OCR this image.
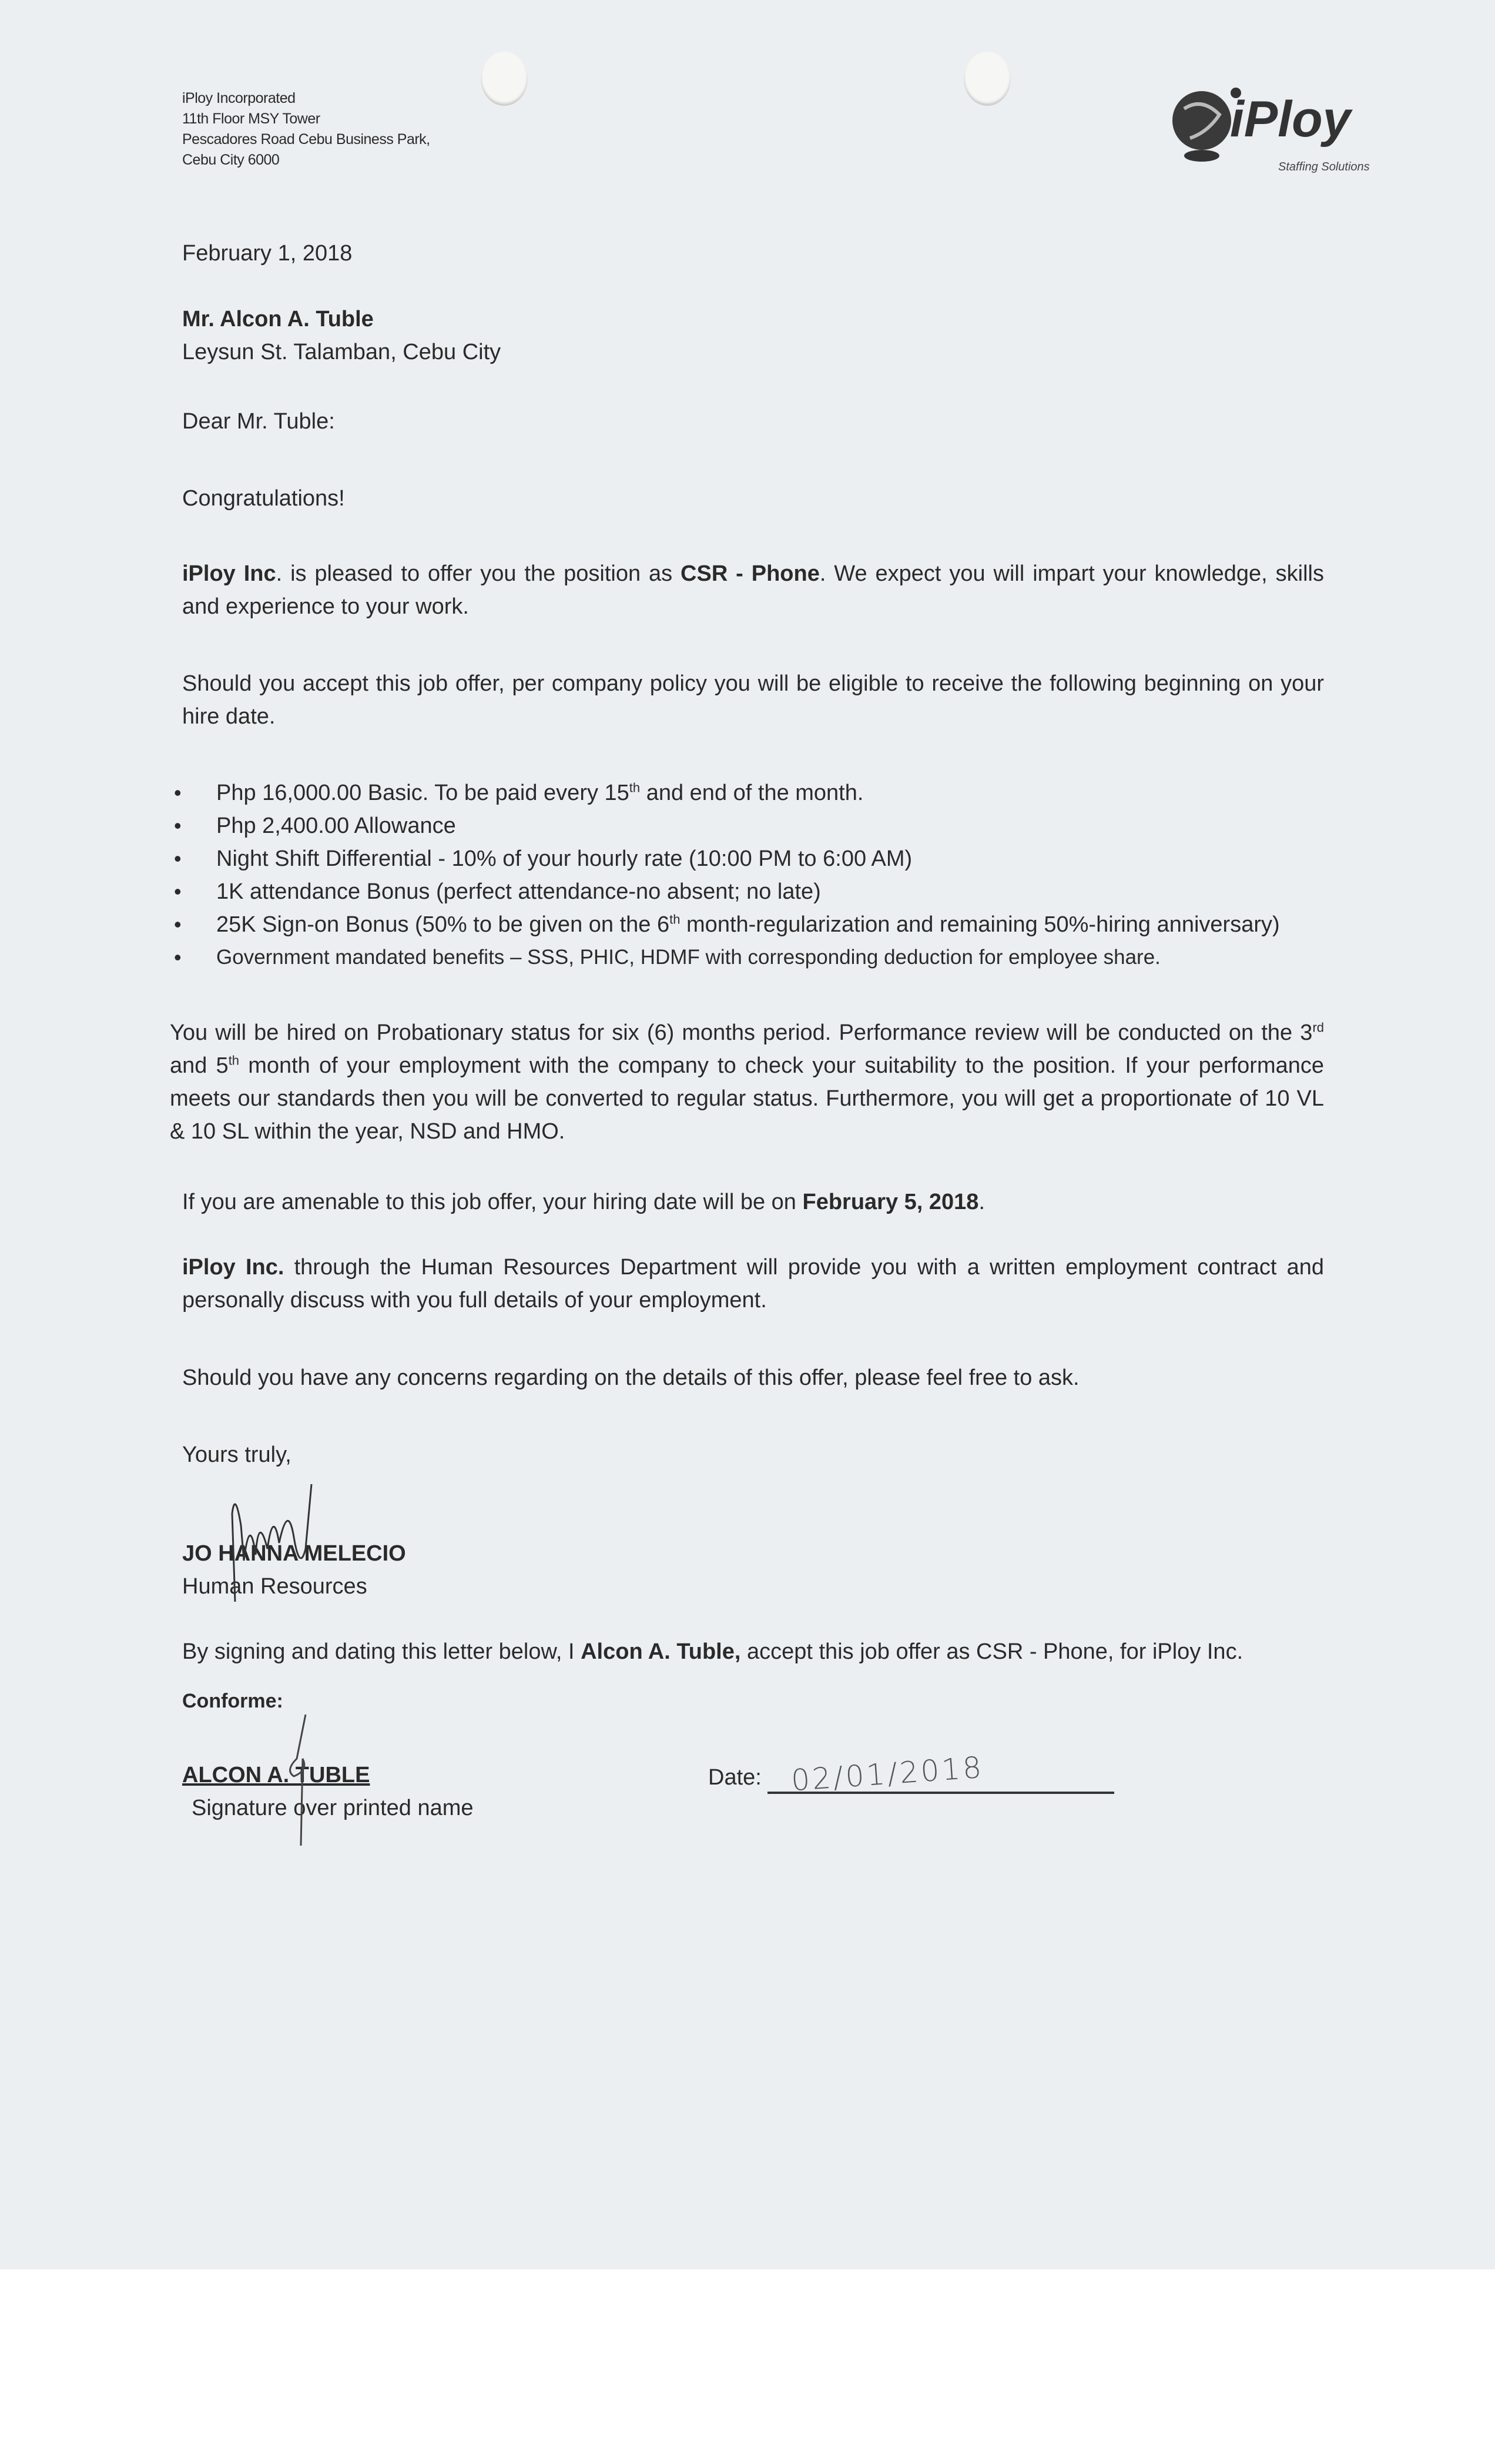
iPloy Incorporated
11th Floor MSY Tower
Pescadores Road Cebu Business Park,
Cebu City 6000
iPloy
Staffing Solutions
February 1, 2018
Mr. Alcon A. Tuble
Leysun St. Talamban, Cebu City
Dear Mr. Tuble:
Congratulations!
iPloy Inc. is pleased to offer you the position as CSR - Phone. We expect you will impart your knowledge, skills and experience to your work.
Should you accept this job offer, per company policy you will be eligible to receive the following beginning on your hire date.
• Php 16,000.00 Basic. To be paid every 15th and end of the month.
• Php 2,400.00 Allowance
• Night Shift Differential - 10% of your hourly rate (10:00 PM to 6:00 AM)
• 1K attendance Bonus (perfect attendance-no absent; no late)
• 25K Sign-on Bonus (50% to be given on the 6th month-regularization and remaining 50%-hiring anniversary)
• Government mandated benefits – SSS, PHIC, HDMF with corresponding deduction for employee share.
You will be hired on Probationary status for six (6) months period. Performance review will be conducted on the 3rd and 5th month of your employment with the company to check your suitability to the position. If your performance meets our standards then you will be converted to regular status. Furthermore, you will get a proportionate of 10 VL & 10 SL within the year, NSD and HMO.
If you are amenable to this job offer, your hiring date will be on February 5, 2018.
iPloy Inc. through the Human Resources Department will provide you with a written employment contract and personally discuss with you full details of your employment.
Should you have any concerns regarding on the details of this offer, please feel free to ask.
Yours truly,
JO HANNA MELECIO
Human Resources
By signing and dating this letter below, I Alcon A. Tuble, accept this job offer as CSR - Phone, for iPloy Inc.
Conforme:
ALCON A. TUBLE
Signature over printed name
Date: 02/01/2018
